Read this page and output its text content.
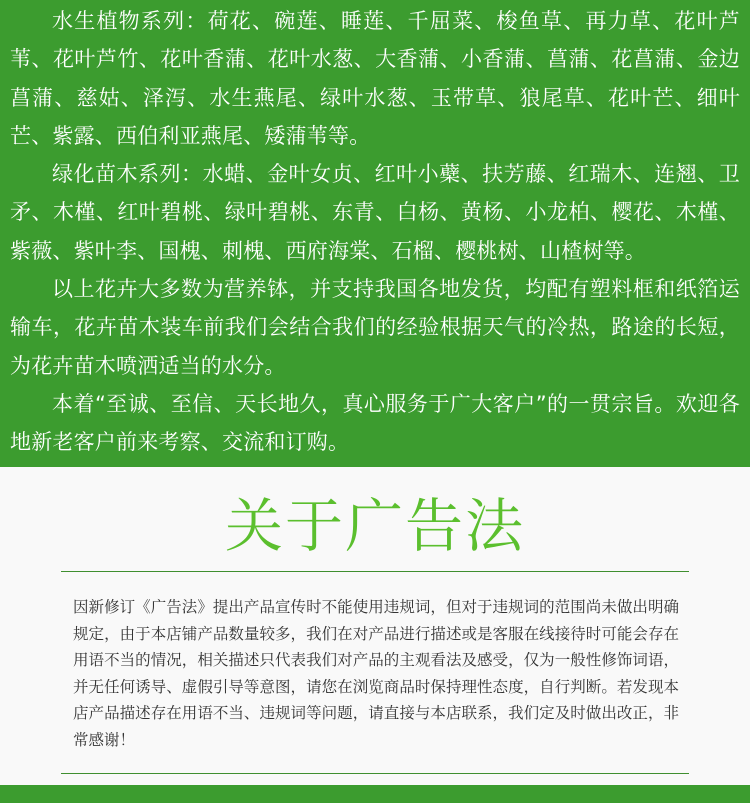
水生植物系列：荷花、碗莲、睡莲、千屈菜、梭鱼草、再力草、花叶芦苇、花叶芦竹、花叶香蒲、花叶水葱、大香蒲、小香蒲、菖蒲、花菖蒲、金边菖蒲、慈姑、泽泻、水生燕尾、绿叶水葱、玉带草、狼尾草、花叶芒、细叶芒、紫露、西伯利亚燕尾、矮蒲苇等。

绿化苗木系列：水蜡、金叶女贞、红叶小蘗、扶芳藤、红瑞木、连翘、卫矛、木槿、红叶碧桃、绿叶碧桃、东青、白杨、黄杨、小龙柏、樱花、木槿、紫薇、紫叶李、国槐、刺槐、西府海棠、石榴、樱桃树、山楂树等。

以上花卉大多数为营养钵，并支持我国各地发货，均配有塑料框和纸箔运输车，花卉苗木装车前我们会结合我们的经验根据天气的冷热，路途的长短，为花卉苗木喷洒适当的水分。

本着“至诚、至信、天长地久，真心服务于广大客户”的一贯宗旨。欢迎各地新老客户前来考察、交流和订购。

关于广告法

因新修订《广告法》提出产品宣传时不能使用违规词，但对于违规词的范围尚未做出明确规定，由于本店铺产品数量较多，我们在对产品进行描述或是客服在线接待时可能会存在用语不当的情况，相关描述只代表我们对产品的主观看法及感受，仅为一般性修饰词语，并无任何诱导、虚假引导等意图，请您在浏览商品时保持理性态度，自行判断。若发现本店产品描述存在用语不当、违规词等问题，请直接与本店联系，我们定及时做出改正，非常感谢！
